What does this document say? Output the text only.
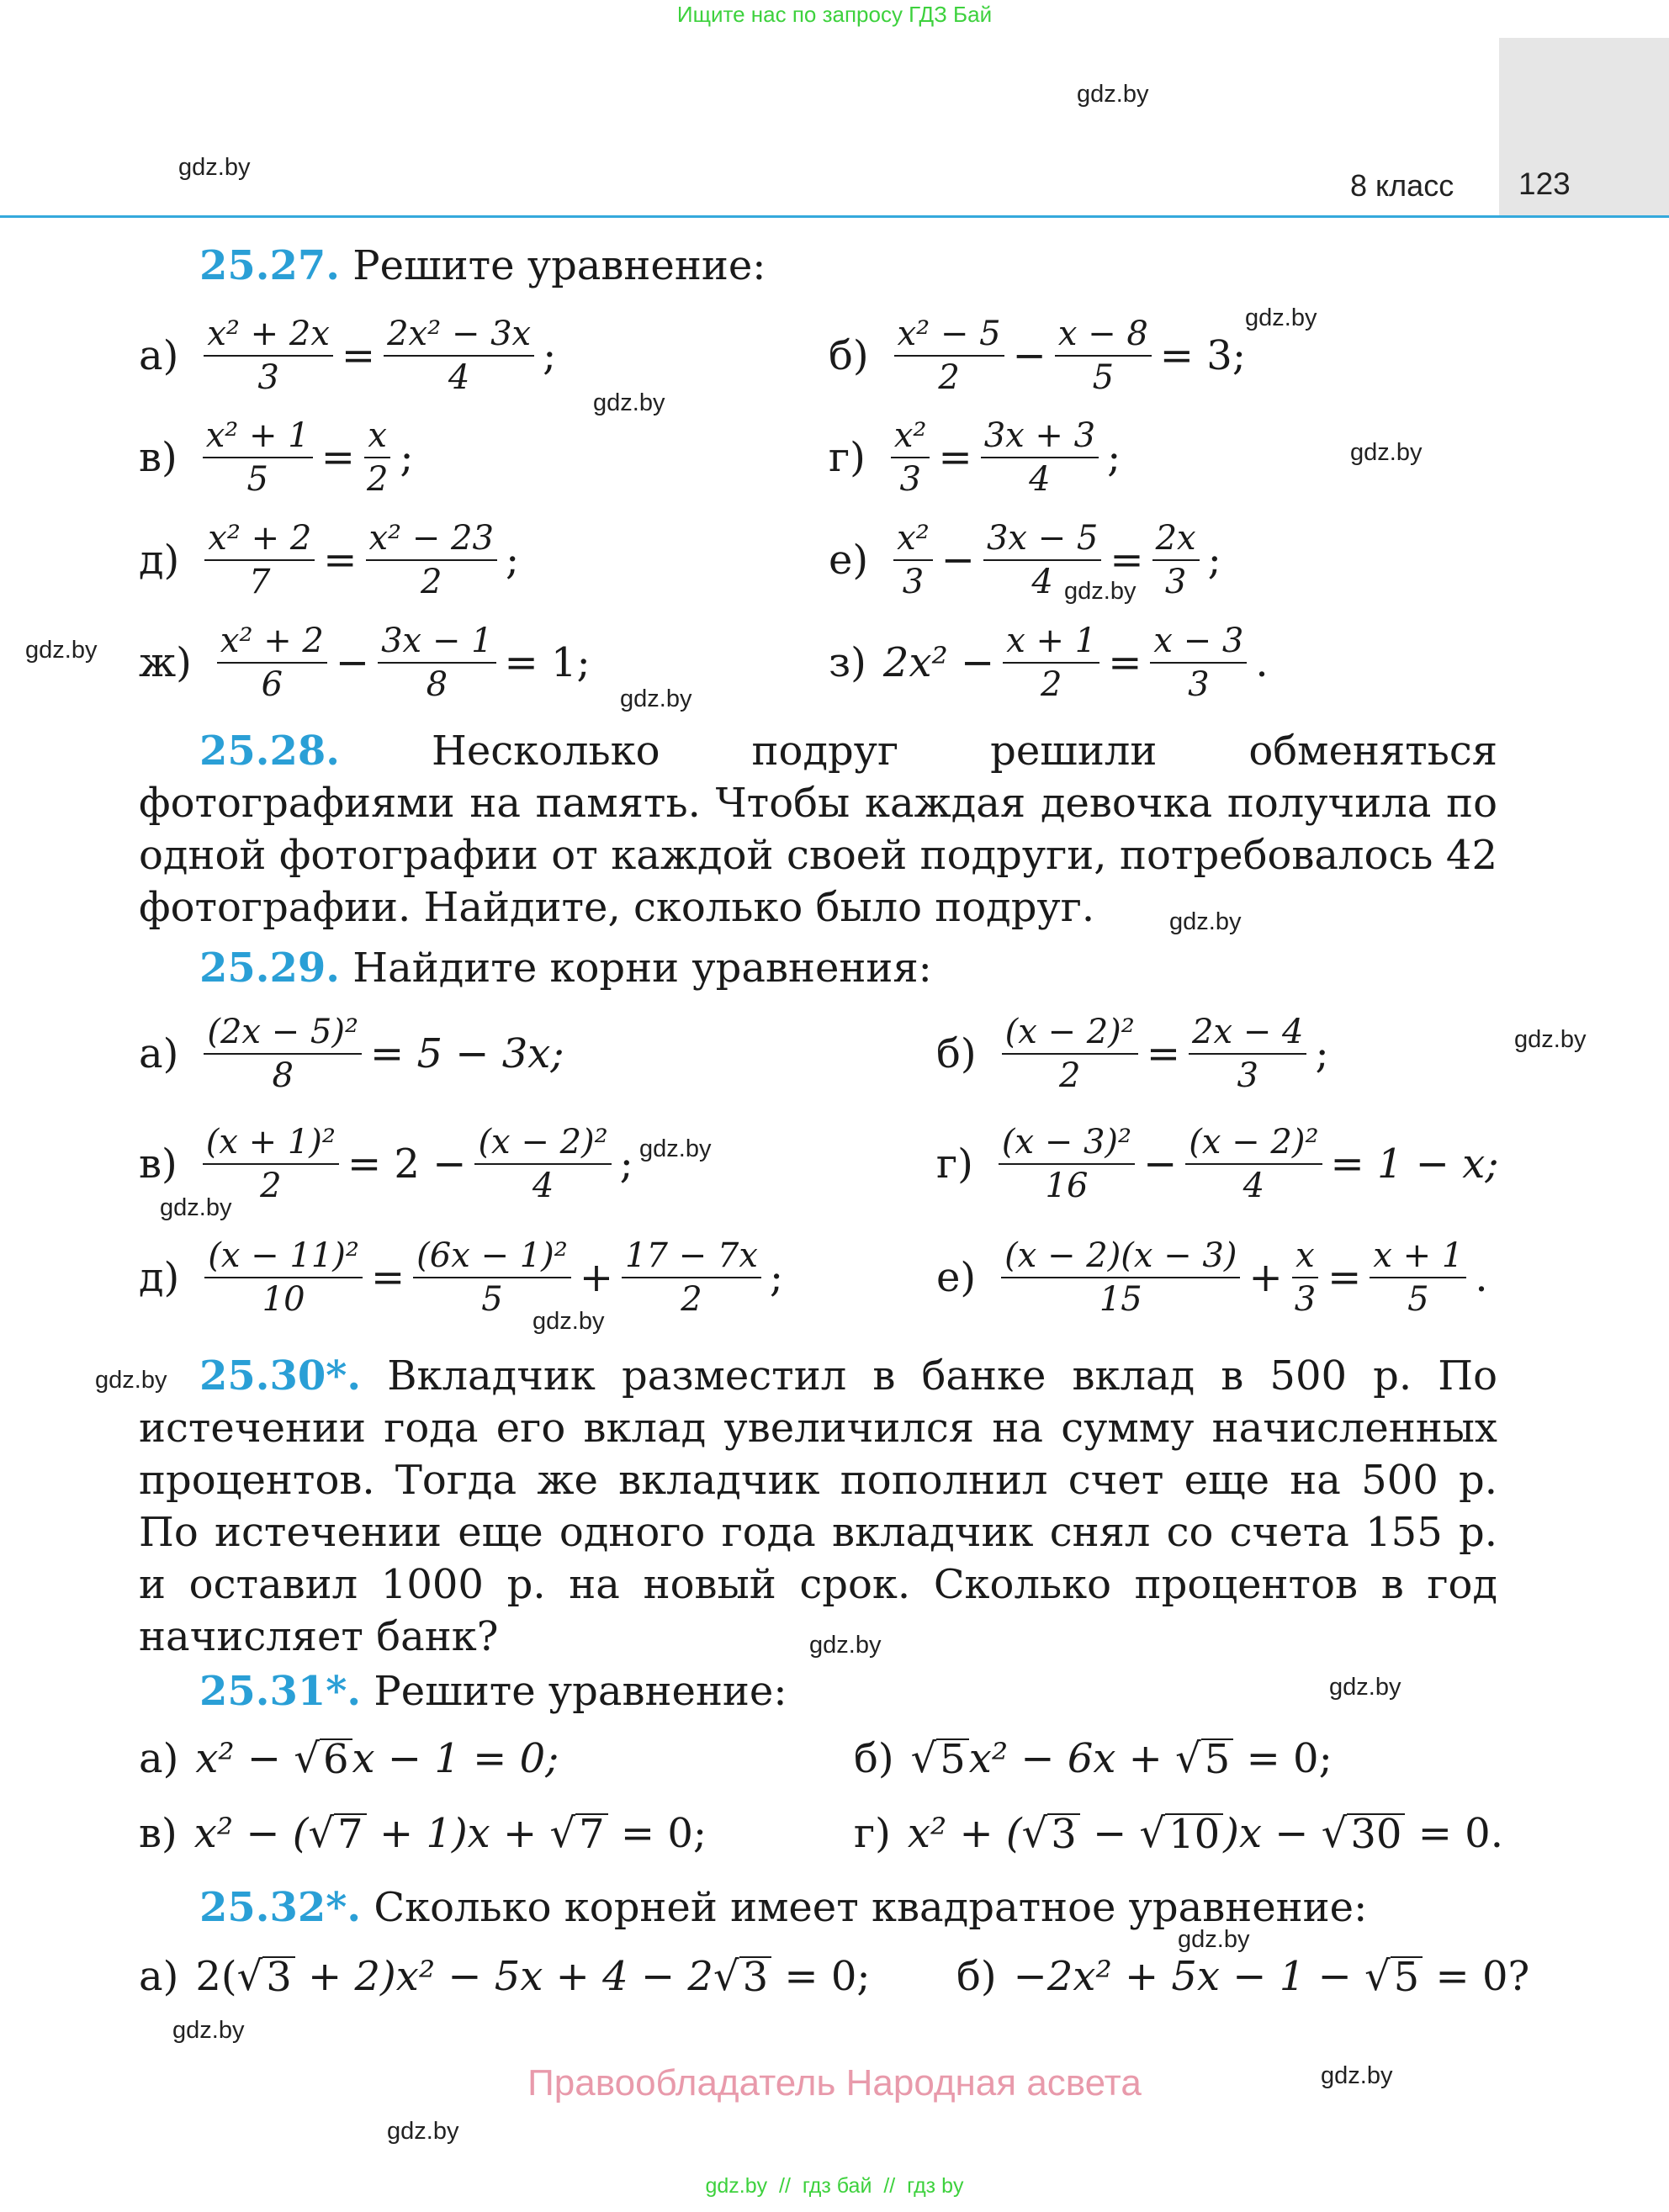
Ищите нас по запросу ГДЗ Бай
8 класс 123
gdz.by
gdz.by
gdz.by
gdz.by
gdz.by
gdz.by
gdz.by
gdz.by
gdz.by
gdz.by
gdz.by
gdz.by
gdz.by
gdz.by
gdz.by
gdz.by
gdz.by
gdz.by
gdz.by
gdz.by
25.27. Решите уравнение:
$а) \frac{\text{x² + 2x}}{3} = \frac{\text{2x² − 3x}}{4}$ ;	$б) \frac{\text{x² − 5}}{2} - \frac{x - 8}{5} = 3$;
$в) \frac{\text{x² + 1}}{5} = \frac{x}{2}$ ;	$г) \frac{\text{x²}}{3} = \frac{3x + 3}{4}$ ;
$д) \frac{\text{x² + 2}}{7} = \frac{\text{x² − 23}}{2}$ ;	$е) \frac{\text{x²}}{3} - \frac{3x - 5}{4} = \frac{2x}{3}$ ;
$ж) \frac{\text{x² + 2}}{6} - \frac{3x - 1}{8} = 1$;	з) $2x^2 - \frac{x + 1}{2} = \frac{x - 3}{3}$ .
25.28. Несколько подруг решили обменяться фотографиями на память. Чтобы каждая девочка получила по одной фотографии от каждой своей подруги, потребовалось 42 фотографии. Найдите, сколько было подруг.
25.29. Найдите корни уравнения:
$а) \frac{\text{(2x − 5)²}}{8} = 5 - 3x$;	$б) \frac{\text{(x − 2)²}}{2} = \frac{2x - 4}{3}$ ;
$в) \frac{\text{(x + 1)²}}{2} = 2 - \frac{\text{(x − 2)²}}{4}$ ;	$г) \frac{\text{(x − 3)²}}{16} - \frac{\text{(x − 2)²}}{4} = 1 - x$;
$д) \frac{\text{(x − 11)²}}{10} = \frac{\text{(6x − 1)²}}{5} + \frac{17 - 7x}{2}$ ;	$е) \frac{(x - 2)(x - 3)}{15} + \frac{x}{3} = \frac{x + 1}{5}$ .
25.30*. Вкладчик разместил в банке вклад в 500 р. По истечении года его вклад увеличился на сумму начисленных процентов. Тогда же вкладчик пополнил счет еще на 500 р. По истечении еще одного года вкладчик снял со счета 155 р. и оставил 1000 р. на новый срок. Сколько процентов в год начисляет банк?
25.31*. Решите уравнение:
а) x² −
√ 6 x − 1 = 0;	б) √ 5 x² − 6x +
√ 5
= 0;
в) x² − ( √ 7
+ 1)x +
√ 7
= 0;	г) x² + ( √ 3
−
√ 10 )x −
√ 30
= 0.
25.32*. Сколько корней имеет квадратное уравнение:
а) 2( √ 3
+ 2)x² − 5x + 4 − 2 √ 3
= 0; б) −2x² + 5x − 1 −
√ 5
= 0?
Правообладатель Народная асвета
gdz.by  //  гдз бай  //  гдз by
